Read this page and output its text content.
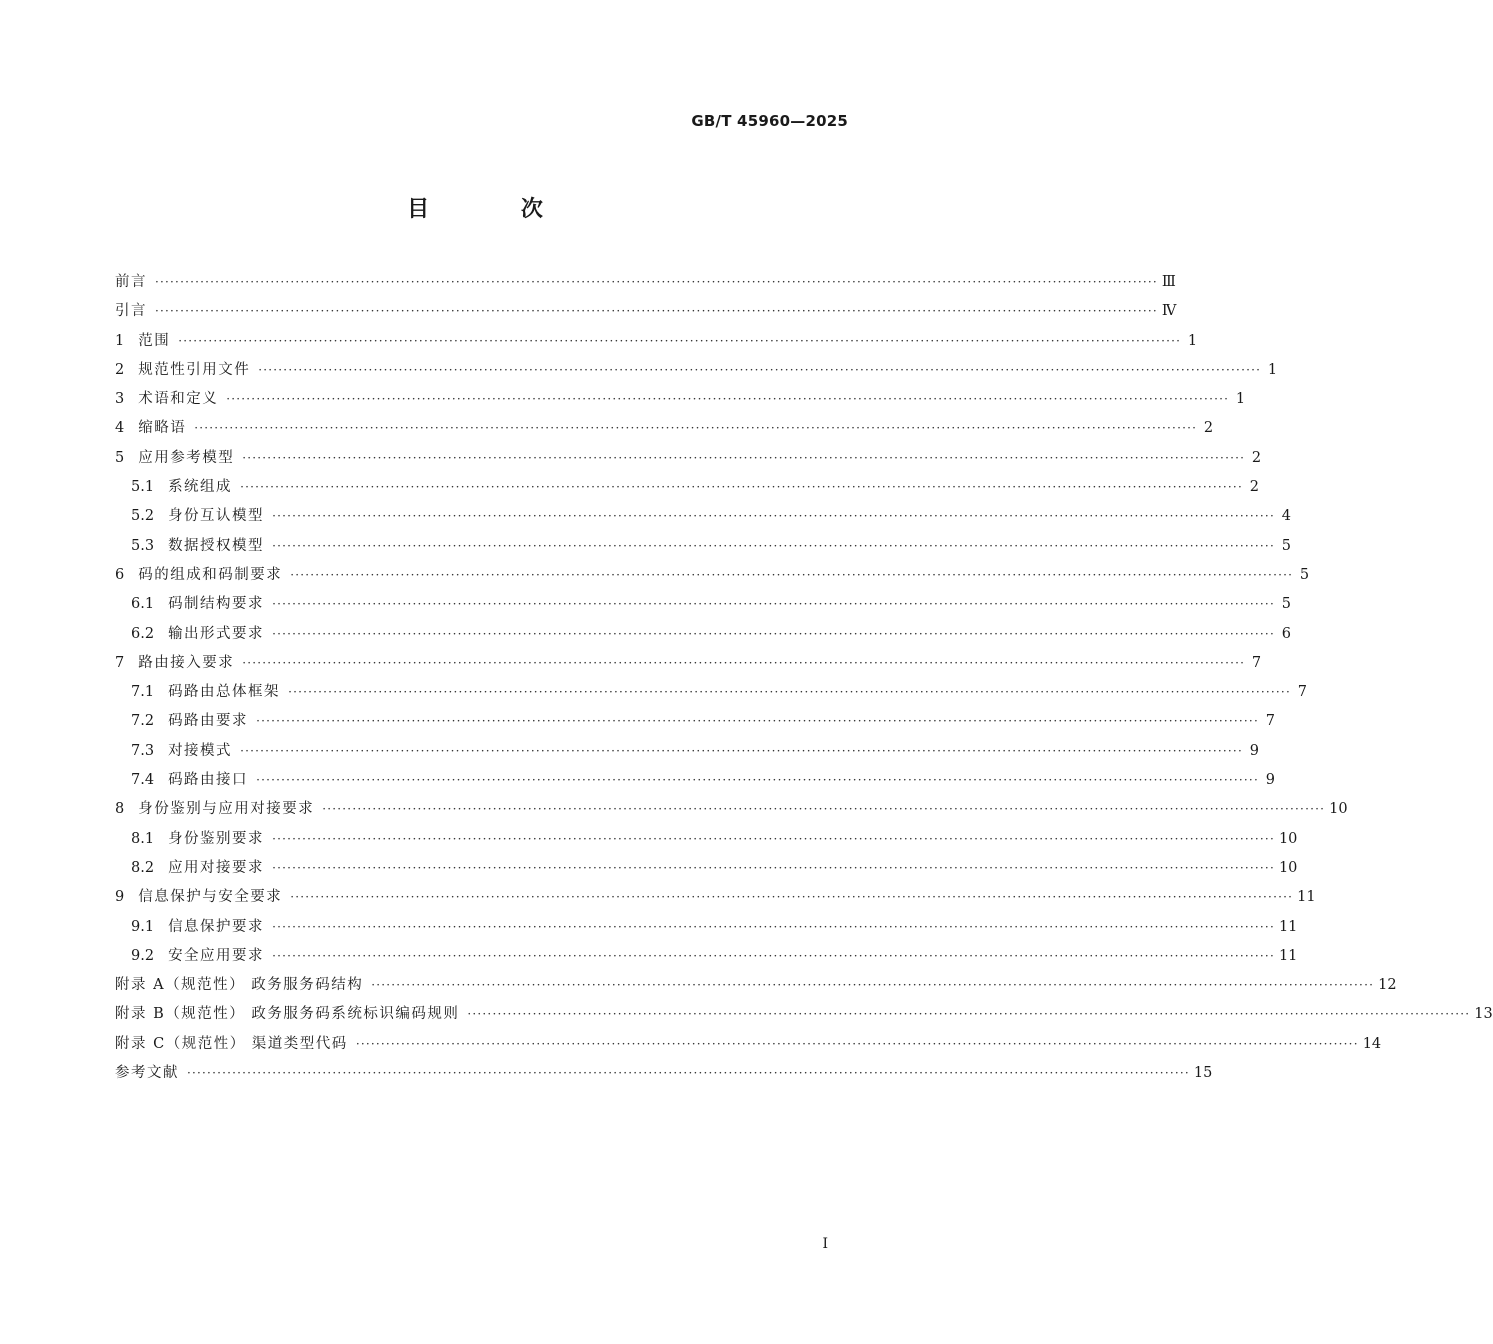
GB/T 45960—2025
目 次
前言 ········································································································································································································ Ⅲ
引言 ········································································································································································································ Ⅳ
1 范围 ········································································································································································································ 1
2 规范性引用文件 ········································································································································································································ 1
3 术语和定义 ········································································································································································································ 1
4 缩略语 ········································································································································································································ 2
5 应用参考模型 ········································································································································································································ 2
5.1 系统组成 ········································································································································································································ 2
5.2 身份互认模型 ········································································································································································································ 4
5.3 数据授权模型 ········································································································································································································ 5
6 码的组成和码制要求 ········································································································································································································ 5
6.1 码制结构要求 ········································································································································································································ 5
6.2 输出形式要求 ········································································································································································································ 6
7 路由接入要求 ········································································································································································································ 7
7.1 码路由总体框架 ········································································································································································································ 7
7.2 码路由要求 ········································································································································································································ 7
7.3 对接模式 ········································································································································································································ 9
7.4 码路由接口 ········································································································································································································ 9
8 身份鉴别与应用对接要求 ········································································································································································································ 10
8.1 身份鉴别要求 ········································································································································································································ 10
8.2 应用对接要求 ········································································································································································································ 10
9 信息保护与安全要求 ········································································································································································································ 11
9.1 信息保护要求 ········································································································································································································ 11
9.2 安全应用要求 ········································································································································································································ 11
附录 A（规范性） 政务服务码结构 ········································································································································································································ 12
附录 B（规范性） 政务服务码系统标识编码规则 ········································································································································································································ 13
附录 C（规范性） 渠道类型代码 ········································································································································································································ 14
参考文献 ········································································································································································································ 15
I
